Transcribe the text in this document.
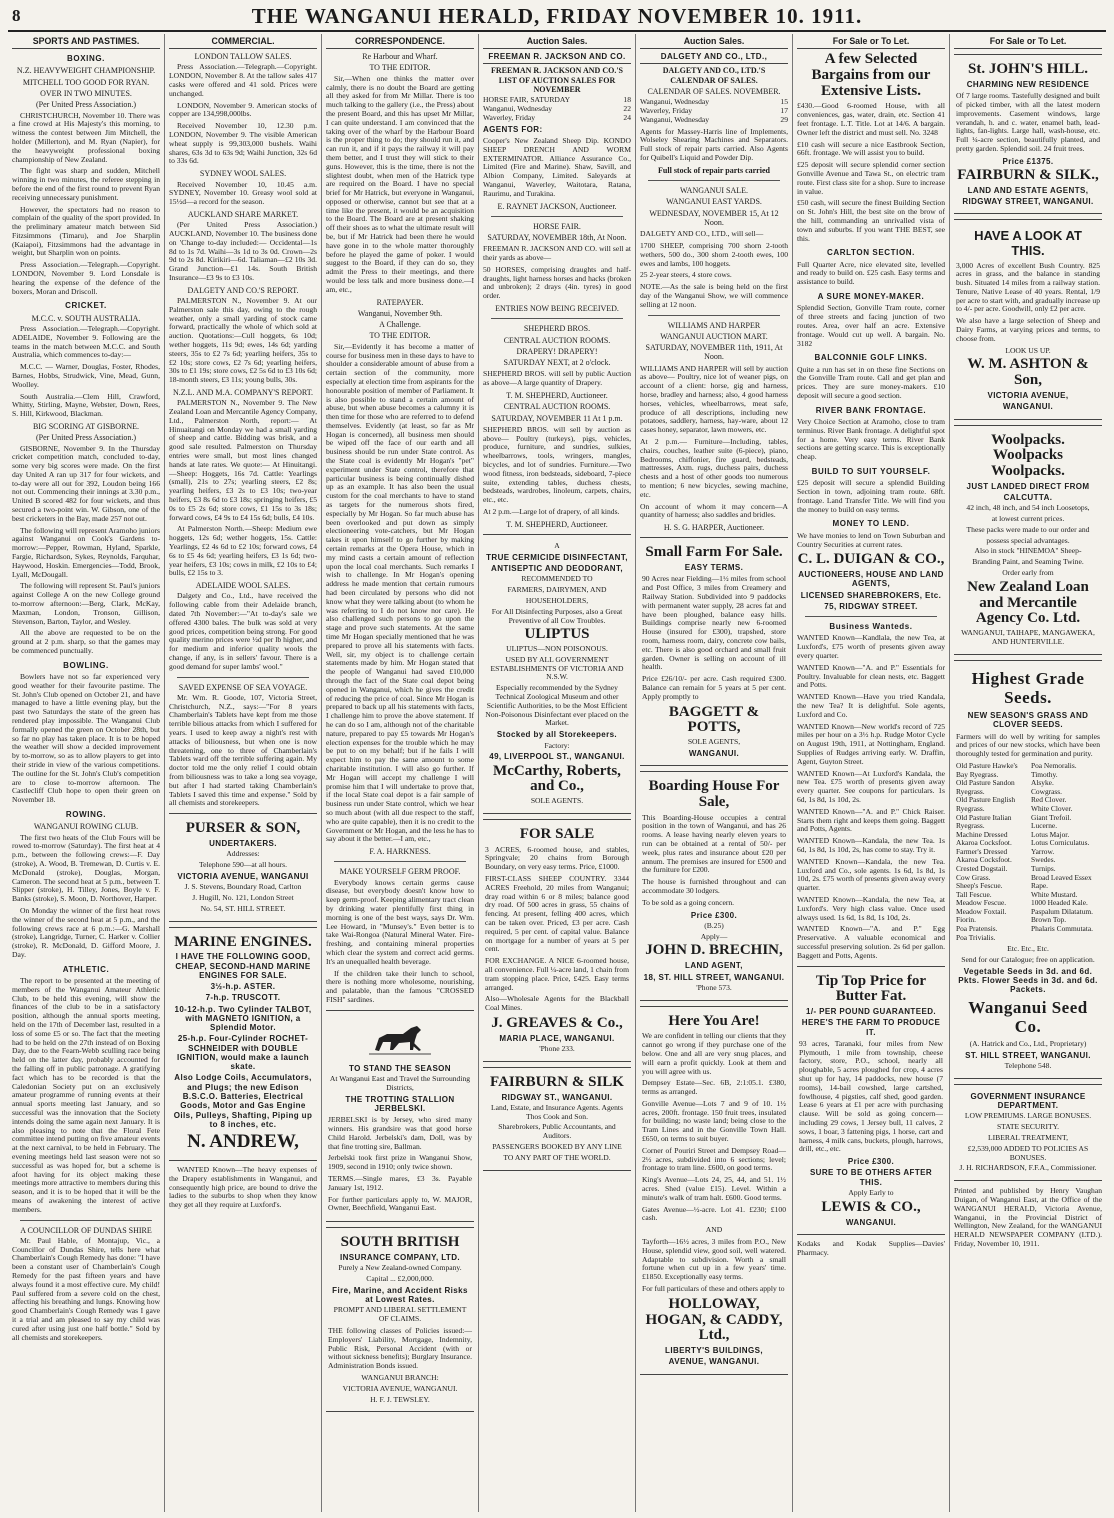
8	THE WANGANUI HERALD, FRIDAY NOVEMBER 10. 1911.
SPORTS AND PASTIMES.
BOXING.
N.Z. HEAVYWEIGHT CHAMPIONSHIP.
MITCHELL TOO GOOD FOR RYAN.
OVER IN TWO MINUTES.
(Per United Press Association.)

CHRISTCHURCH, November 10. There was a fine crowd at His Majesty's this morning, to witness the contest between Jim Mitchell, the holder (Millerton), and M. Ryan (Napier), for the heavyweight professional boxing championship of New Zealand.

The fight was sharp and sudden, Mitchell winning in two minutes, the referee stepping in before the end of the first round to prevent Ryan receiving unnecessary punishment.

However, the spectators had no reason to complain of the quality of the sport provided. In the preliminary amateur match between Sid Fitzsimmons (Timaru), and Joe Sharplin (Kaiapoi), Fitzsimmons had the advantage in weight, but Sharplin won on points.

Press Association.—Telegraph.—Copyright. LONDON, November 9. Lord Lonsdale is hearing the expense of the defence of the boxers, Moran and Driscoll.

CRICKET.
M.C.C. v. SOUTH AUSTRALIA.

Press Association.—Telegraph.—Copyright. ADELAIDE, November 9. Following are the teams in the match between M.C.C. and South Australia, which commences to-day:—

M.C.C. — Warner, Douglas, Foster, Rhodes, Barnes, Hobbs, Strudwick, Vine, Mead, Gunn, Woolley.

South Australia.—Clem Hill, Crawford, Whitty, Stirling, Mayne, Webster, Down, Rees, S. Hill, Kirkwood, Blackman.

BIG SCORING AT GISBORNE.
(Per United Press Association.)

GISBORNE, November 9. In the Thursday cricket competition match, concluded to-day, some very big scores were made. On the first day United A ran up 317 for four wickets, and to-day were all out for 392, Loudon being 166 not out. Commencing their innings at 3.30 p.m., United B scored 482 for four wickets, and thus secured a two-point win. W. Gibson, one of the best cricketers in the Bay, made 257 not out.

The following will represent Aramoho juniors against Wanganui on Cook's Gardens to-morrow:—Pepper, Rowman, Hyland, Sparkle, Fargie, Richardson, Sykes, Reynolds, Farquhar, Haywood, Hoskin. Emergencies—Todd, Brook, Lyall, McDougall.

The following will represent St. Paul's juniors against College A on the new College ground to-morrow afternoon:—Berg, Clark, McKay, Maxman, London, Tronson, Gillison, Stevenson, Barton, Taylor, and Wesley.

All the above are requested to be on the ground at 2 p.m. sharp, so that the games may be commenced punctually.

BOWLING.

Bowlers have not so far experienced very good weather for their favourite pastime. The St. John's Club opened on October 21, and have managed to have a little evening play, but the past two Saturdays the state of the green has rendered play impossible. The Wanganui Club formally opened the green on October 28th, but so far no play has taken place. It is to be hoped the weather will show a decided improvement by to-morrow, so as to allow players to get into their stride in view of the various competitions. The outline for the St. John's Club's competition are to close to-morrow afternoon. The Castlecliff Club hope to open their green on November 18.

ROWING.
WANGANUI ROWING CLUB.

The first two heats of the Club Fours will be rowed to-morrow (Saturday). The first heat at 4 p.m., between the following crews:—F. Day (stroke), A. Wood, B. Tremewan, D. Curtis v. E. McDonald (stroke), Douglas, Morgan, Cameron. The second heat at 5 p.m., between T. Slipper (stroke), H. Tilley, Jones, Boyle v. F. Banks (stroke), S. Moon, D. Northover, Harper.

On Monday the winner of the first heat rows the winner of the second heat at 5 p.m., and the following crews race at 6 p.m.:—G. Marshall (stroke), Langridge, Turner, C. Harker v. Collier (stroke), R. McDonald, D. Gifford Moore, J. Day.

ATHLETIC.

The report to be presented at the meeting of members of the Wanganui Amateur Athletic Club, to be held this evening, will show the finances of the club to be in a satisfactory position, although the annual sports meeting, held on the 17th of December last, resulted in a loss of some £5 or so. The fact that the meeting had to be held on the 27th instead of on Boxing Day, due to the Fearn-Webb sculling race being held on the latter day, probably accounted for the falling off in public patronage. A gratifying fact which has to be recorded is that the Caledonian Society put on an exclusively amateur programme of running events at their annual sports meeting last January, and so successful was the innovation that the Society intends doing the same again next January. It is also pleasing to note that the Floral Fete committee intend putting on five amateur events at the next carnival, to be held in February. The evening meetings held last season were not so successful as was hoped for, but a scheme is afoot having for its object making these meetings more attractive to members during this season, and it is to be hoped that it will be the means of awakening the interest of active members.

A COUNCILLOR OF DUNDAS SHIRE

Mr. Paul Hable, of Montajup, Vic., a Councillor of Dundas Shire, tells here what Chamberlain's Cough Remedy has done: "I have been a constant user of Chamberlain's Cough Remedy for the past fifteen years and have always found it a most effective cure. My child! Paul suffered from a severe cold on the chest, affecting his breathing and lungs. Knowing how good Chamberlain's Cough Remedy was I gave it a trial and am pleased to say my child was cured after using just one half bottle." Sold by all chemists and storekeepers.

COMMERCIAL.
LONDON TALLOW SALES.

Press Association.—Telegraph.—Copyright. LONDON, November 8. At the tallow sales 417 casks were offered and 41 sold. Prices were unchanged.

LONDON, November 9. American stocks of copper are 134,998,000lbs.

Received November 10, 12.30 p.m. LONDON, November 9. The visible American wheat supply is 99,303,000 bushels. Waihi shares, 63s 3d to 63s 9d; Waihi Junction, 32s 6d to 33s 6d.

SYDNEY WOOL SALES.

Received November 10, 10.45 a.m. SYDNEY, November 10. Greasy wool sold at 15½d—a record for the season.

AUCKLAND SHARE MARKET.

(Per United Press Association.) AUCKLAND, November 10. The business done on 'Change to-day included:— Occidental—1s 8d to 1s 7d. Waihi—3s 1d to 3s 0d. Crown—2s 9d to 2s 8d. Kirikiri—6d. Taliaman—£2 10s 3d. Grand Junction—£1 14s. South British Insurance—£3 9s to £3 10s.

DALGETY AND CO.'S REPORT.

PALMERSTON N., November 9. At our Palmerston sale this day, owing to the rough weather, only a small yarding of stock came forward, practically the whole of which sold at auction. Quotations:—Cull hoggets, 6s 10d; wether hoggets, 11s 9d; ewes, 14s 6d; yarding steers, 35s to £2 7s 6d; yearling heifers, 35s to £2 10s; store cows, £2 7s 6d; yearling heifers, 30s to £1 19s; store cows, £2 5s 6d to £3 10s 6d; 18-month steers, £3 11s; young bulls, 30s.

N.Z.L. AND M.A. COMPANY'S REPORT.

PALMERSTON N., November 9. The New Zealand Loan and Mercantile Agency Company, Ltd., Palmerston North, report:— At Hinuaitangi on Monday we had a small yarding of sheep and cattle. Bidding was brisk, and a good sale resulted. Palmerston on Thursday entries were small, but most lines changed hands at late rates. We quote:— At Hinuitangi.—Sheep: Hoggets, 16s 7d. Cattle: Yearlings (small), 21s to 27s; yearling steers, £2 8s; yearling heifers, £3 2s to £3 10s; two-year heifers, £3 8s 6d to £3 18s; springing heifers, £5 0s to £5 2s 6d; store cows, £1 15s to 3s 18s; forward cows, £4 9s to £4 15s 6d; bulls, £4 10s.

At Palmerston North.—Sheep: Medium ewe hoggets, 12s 6d; wether hoggets, 15s. Cattle: Yearlings, £2 4s 6d to £2 10s; forward cows, £4 6s to £5 4s 6d; yearling heifers, £3 1s 6d; two-year heifers, £3 10s; cows in milk, £2 10s to £4; bulls, £2 15s to 3.

ADELAIDE WOOL SALES.

Dalgety and Co., Ltd., have received the following cable from their Adelaide branch, dated 7th November:—"At to-day's sale we offered 4300 bales. The bulk was sold at very good prices, competition being strong. For good quality merino prices were ½d per lb higher, and for medium and inferior quality wools the change, if any, is in sellers' favour. There is a good demand for super lambs' wool."

SAVED EXPENSE OF SEA VOYAGE.

Mr. Wm. R. Goode, 107, Victoria Street, Christchurch, N.Z., says:—"For 8 years Chamberlain's Tablets have kept from me those terrible bilious attacks from which I suffered for years. I used to keep away a night's rest with attacks of biliousness, but when one is now threatening, one to three of Chamberlain's Tablets ward off the terrible suffering again. My doctor told me the only relief I could obtain from biliousness was to take a long sea voyage, but after I had started taking Chamberlain's Tablets I saved this time and expense." Sold by all chemists and storekeepers.

PURSER & SON,
UNDERTAKERS.
Addresses:
Telephone 590—at all hours.
VICTORIA AVENUE, WANGANUI
J. S. Stevens, Boundary Road, Carlton
J. Hugill, No. 121, London Street
No. 54, ST. HILL STREET.
MARINE ENGINES.
I HAVE THE FOLLOWING GOOD, CHEAP, SECOND-HAND MARINE ENGINES FOR SALE.
3½-h.p. ASTER.
7-h.p. TRUSCOTT.
10-12-h.p. Two Cylinder TALBOT, with MAGNETO IGNITION, a Splendid Motor.
25-h.p. Four-Cylinder ROCHET-SCHNEIDER with DOUBLE IGNITION, would make a launch skate.
Also Lodge Coils, Accumulators, and Plugs; the new Edison B.S.C.O. Batteries, Electrical Goods, Motor and Gas Engine Oils, Pulleys, Shafting, Piping up to 8 inches, etc.
N. ANDREW,

WANTED Known—The heavy expenses of the Drapery establishments in Wanganui, and consequently high price, are bound to drive the ladies to the suburbs to shop when they know they get all they require at Luxford's.

CORRESPONDENCE.
Re Harbour and Wharf.
TO THE EDITOR.

Sir,—When one thinks the matter over calmly, there is no doubt the Board are getting all they asked for from Mr Millar. There is too much talking to the gallery (i.e., the Press) about the present Board, and this has upset Mr Millar, I can quite understand. I am convinced that the taking over of the wharf by the Harbour Board is the proper thing to do; they should run it, and can run it, and if it pays the railway it will pay them better, and I trust they will stick to their guns. However, this is the time, there is not the slightest doubt, when men of the Hatrick type are required on the Board. I have no special brief for Mr Hatrick, but everyone in Wanganui, opposed or otherwise, cannot but see that at a time like the present, it would be an acquisition to the Board. The Board are at present shaking off their shoes as to what the ultimate result will be, but if Mr Hatrick had been there he would have gone in to the whole matter thoroughly before he played the game of poker. I would suggest to the Board, if they can do so, they admit the Press to their meetings, and there would be less talk and more business done.—I am, etc.,

RATEPAYER.
Wanganui, November 9th.
A Challenge.
TO THE EDITOR.

Sir,—Evidently it has become a matter of course for business men in these days to have to shoulder a considerable amount of abuse from a certain section of the community, more especially at election time from aspirants for the honourable position of member of Parliament. It is also possible to stand a certain amount of abuse, but when abuse becomes a calumny it is then time for those who are referred to to defend themselves. Evidently (at least, so far as Mr Hogan is concerned), all business men should be wiped off the face of our earth and all business should be run under State control. As the State coal is evidently Mr Hogan's "pet" experiment under State control, therefore that particular business is being continually dished up as an example. It has also been the usual custom for the coal merchants to have to stand as targets for the numerous shots fired, especially by Mr Hogan. So far much abuse has been overlooked and put down as simply electioneering vote-catchers, but Mr Hogan takes it upon himself to go further by making certain remarks at the Opera House, which in my mind casts a certain amount of reflection upon the local coal merchants. Such remarks I wish to challenge. In Mr Hogan's opening address he made mention that certain rumours had been circulated by persons who did not know what they were talking about (to whom he was referring to I do not know nor care). He also challenged such persons to go upon the stage and prove such statements. At the same time Mr Hogan specially mentioned that he was prepared to prove all his statements with facts. Well, sir, my object is to challenge certain statements made by him. Mr Hogan stated that the people of Wanganui had saved £10,000 through the fact of the State coal depot being opened in Wanganui, which he gives the credit of reducing the price of coal. Since Mr Hogan is prepared to back up all his statements with facts, I challenge him to prove the above statement. If he can do so I am, although not of the charitable nature, prepared to pay £5 towards Mr Hogan's election expenses for the trouble which he may be put to on my behalf; but if he fails I will expect him to pay the same amount to some charitable institution. I will also go further. If Mr Hogan will accept my challenge I will promise him that I will undertake to prove that, if the local State coal depot is a fair sample of business run under State control, which we hear so much about (with all due respect to the staff, who are quite capable), then it is no credit to the Government or Mr Hogan, and the less he has to say about it the better.—I am, etc.,

F. A. HARKNESS.
MAKE YOURSELF GERM PROOF.

Everybody knows certain germs cause disease, but everybody doesn't know how to keep germ-proof. Keeping alimentary tract clean by drinking water plentifully first thing in morning is one of the best ways, says Dr. Wm. Lee Howard, in "Munsey's." Even better is to take Wai-Rongoa (Natural Mineral Water. Fire-freshing, and containing mineral properties which clear the system and correct acid germs. It's an unequalled health beverage.

If the children take their lunch to school, there is nothing more wholesome, nourishing, and palatable, than the famous "CROSSED FISH" sardines.

TO STAND THE SEASON
At Wanganui East and Travel the Surrounding Districts,
THE TROTTING STALLION JERBELSKI.

JERBELSKI is by Jersey, who sired many winners. His grandsire was that good horse Child Harold. Jerbelski's dam, Doll, was by that fine trotting sire, Ballman.

Jerbelski took first prize in Wanganui Show, 1909, second in 1910; only twice shown.

TERMS.—Single mares, £3 3s. Payable January 1st, 1912.

For further particulars apply to, W. MAJOR, Owner, Beechfield, Wanganui East.

SOUTH BRITISH
INSURANCE COMPANY, LTD.
Purely a New Zealand-owned Company.
Capital ... £2,000,000.
Fire, Marine, and Accident Risks at Lowest Rates.
PROMPT AND LIBERAL SETTLEMENT OF CLAIMS.

THE following classes of Policies issued:—Employers' Liability, Mortgage, Indemnity, Public Risk, Personal Accident (with or without sickness benefits); Burglary Insurance. Administration Bonds issued.

WANGANUI BRANCH:
VICTORIA AVENUE, WANGANUI.
H. F. J. TEWSLEY.
Auction Sales.
FREEMAN R. JACKSON AND CO.
FREEMAN R. JACKSON AND CO.'S LIST OF AUCTION SALES FOR NOVEMBER
HORSE FAIR, SATURDAY	18
Wanganui, Wednesday	22
Waverley, Friday	24
AGENTS FOR:

Cooper's New Zealand Sheep Dip. KONDO SHEEP DRENCH AND WORM EXTERMINATOR. Alliance Assurance Co., Limited (Fire and Marine). Shaw, Savill, and Albion Company, Limited. Saleyards at Wanganui, Waverley, Waitotara, Ratana, Raurimu, and Turakina.

E. RAYNET JACKSON, Auctioneer.
HORSE FAIR.
SATURDAY, NOVEMBER 18th, At Noon.

FREEMAN R. JACKSON AND CO. will sell at their yards as above—

50 HORSES, comprising draughts and half-draughts, light harness horses and hacks (broken and unbroken); 2 drays (4in. tyres) in good order.

ENTRIES NOW BEING RECEIVED.
SHEPHERD BROS.
CENTRAL AUCTION ROOMS.
DRAPERY! DRAPERY!
SATURDAY NEXT, at 2 o'clock.

SHEPHERD BROS. will sell by public Auction as above—A large quantity of Drapery.

T. M. SHEPHERD, Auctioneer.
CENTRAL AUCTION ROOMS.
SATURDAY, NOVEMBER 11 At 1 p.m.

SHEPHERD BROS. will sell by auction as above— Poultry (turkeys), pigs, vehicles, produce, furniture, and sundries, sulkies, wheelbarrows, tools, wringers, mangles, bicycles, and lot of sundries. Furniture.—Two wood fitness, iron bedsteads, sideboard, 7-piece suite, extending tables, duchess chests, bedsteads, wardrobes, linoleum, carpets, chairs, etc., etc.

At 2 p.m.—Large lot of drapery, of all kinds.

T. M. SHEPHERD, Auctioneer.
A
TRUE CERMICIDE DISINFECTANT,
ANTISEPTIC AND DEODORANT,
RECOMMENDED TO
FARMERS, DAIRYMEN, AND
HOUSEHOLDERS,
For All Disinfecting Purposes, also a Great Preventive of all Cow Troubles.
ULIPTUS
ULIPTUS—NON POISONOUS.
USED BY ALL GOVERNMENT ESTABLISHMENTS OF VICTORIA AND N.S.W.
Especially recommended by the Sydney Technical Zoological Museum and other Scientific Authorities, to be the Most Efficient Non-Poisonous Disinfectant ever placed on the Market.
Stocked by all Storekeepers.
Factory:
49, LIVERPOOL ST., WANGANUI.
McCarthy, Roberts, and Co.,
SOLE AGENTS.
FOR SALE

3 ACRES, 6-roomed house, and stables, Springvale; 20 chains from Borough Boundary, on very easy terms. Price, £1000.

FIRST-CLASS SHEEP COUNTRY. 3344 ACRES Freehold, 20 miles from Wanganui; dray road within 6 or 8 miles; balance good dry road. Of 500 acres in grass, 55 chains of fencing. At present, felling 400 acres, which can be taken over. Priced, £3 per acre. Cash required, 5 per cent. of capital value. Balance on mortgage for a number of years at 5 per cent.

FOR EXCHANGE. A NICE 6-roomed house, all convenience. Full ¼-acre land, 1 chain from tram stopping place. Price, £425. Easy terms arranged.

Also—Wholesale Agents for the Blackball Coal Mines.

J. GREAVES & Co.,
MARIA PLACE, WANGANUI.
'Phone 233.
FAIRBURN & SILK
RIDGWAY ST., WANGANUI.
Land, Estate, and Insurance Agents. Agents Thos Cook and Son.
Sharebrokers, Public Accountants, and Auditors.
PASSENGERS BOOKED BY ANY LINE
TO ANY PART OF THE WORLD.
Auction Sales.
DALGETY AND CO., LTD.,
DALGETY AND CO., LTD.'S CALENDAR OF SALES.
CALENDAR OF SALES. NOVEMBER.
Wanganui, Wednesday	15
Waverley, Friday	17
Wanganui, Wednesday	29

Agents for Massey-Harris line of Implements, Wolseley Shearing Machines and Separators. Full stock of repair parts carried. Also Agents for Quibell's Liquid and Powder Dip.

Full stock of repair parts carried
WANGANUI SALE.
WANGANUI EAST YARDS.
WEDNESDAY, NOVEMBER 15, At 12 Noon.

DALGETY AND CO., LTD., will sell—

1700 SHEEP, comprising 700 shorn 2-tooth wethers, 500 do., 300 shorn 2-tooth ewes, 100 ewes and lambs, 100 hoggets.

25 2-year steers, 4 store cows.

NOTE.—As the sale is being held on the first day of the Wanganui Show, we will commence selling at 12 noon.

WILLIAMS AND HARPER
WANGANUI AUCTION MART.
SATURDAY, NOVEMBER 11th, 1911, At Noon.

WILLIAMS AND HARPER will sell by auction as above— Poultry, nice lot of weaner pigs, on account of a client: horse, gig and harness, horse, bradley and harness; also, 4 good harness horses, vehicles, wheelbarrows, meat safe, produce of all descriptions, including new potatoes, saddlery, harness, hay-ware, about 12 cases honey, separator, lawn mowers, etc.

At 2 p.m.— Furniture—Including, tables, chairs, couches, leather suite (6-piece), piano, Bedrooms, chiffonier, fire guard, bedsteads, mattresses, Axm. rugs, duchess pairs, duchess chests and a host of other goods too numerous to mention; 6 new bicycles, sewing machine, etc.

On account of whom it may concern—A quantity of harness; also saddles and bridles.

H. S. G. HARPER, Auctioneer.
Small Farm For Sale.
EASY TERMS.

90 Acres near Fielding—1½ miles from school and Post Office, 3 miles from Creamery and Railway Station. Subdivided into 9 paddocks with permanent water supply, 28 acres fat and have been ploughed, balance easy hills. Buildings comprise nearly new 6-roomed House (insured for £300), trapshed, store room, harness room, dairy, concrete cow bails, etc. There is also good orchard and small fruit garden. Owner is selling on account of ill health.

Price £26/10/- per acre. Cash required £300. Balance can remain for 5 years at 5 per cent. Apply promptly to

BAGGETT & POTTS,
SOLE AGENTS,
WANGANUI.
Boarding House For Sale,

This Boarding-House occupies a central position in the town of Wanganui, and has 26 rooms. A lease having nearly eleven years to run can be obtained at a rental of 50/- per week, plus rates and insurance about £20 per annum. The premises are insured for £500 and the furniture for £200.

The house is furnished throughout and can accommodate 30 lodgers.

To be sold as a going concern.

Price £300.
(B.25)
Apply—
JOHN D. BRECHIN,
LAND AGENT,
18, ST. HILL STREET, WANGANUI.
'Phone 573.
Here You Are!

We are confident in telling our clients that they cannot go wrong if they purchase one of the below. One and all are very snug places, and will earn a profit quickly. Look at them and you will agree with us.

Dempsey Estate—Sec. 6B, 2:1:05.1. £380, terms as arranged.

Gonville Avenue—Lots 7 and 9 of 10. 1½ acres, 200ft. frontage. 150 fruit trees, insulated for building; no waste land; being close to the Tram Lines and in the Gonville Town Hall. £650, on terms to suit buyer.

Corner of Pouriri Street and Dempsey Road—2½ acres, subdivided into 6 sections; level; frontage to tram line. £600, on good terms.

King's Avenue—Lots 24, 25, 44, and 51. 1½ acres. Shed (value £15). Level. Within a minute's walk of tram halt. £600. Good terms.

Gates Avenue—½-acre. Lot 41. £230; £100 cash.

AND

Tayforth—16½ acres, 3 miles from P.O., New House, splendid view, good soil, well watered. Adaptable to subdivision. Worth a small fortune when cut up in a few years' time. £1850. Exceptionally easy terms.

For full particulars of these and others apply to

HOLLOWAY, HOGAN, & CADDY, Ltd.,
LIBERTY'S BUILDINGS,
AVENUE, WANGANUI.
For Sale or To Let.
A few Selected Bargains from our Extensive Lists.

£430.—Good 6-roomed House, with all conveniences, gas, water, drain, etc. Section 41 feet frontage. L.T. Title. Lot at 14/6. A bargain. Owner left the district and must sell. No. 3248

£10 cash will secure a nice Eastbrook Section, 66ft. frontage. We will assist you to build.

£25 deposit will secure splendid corner section Gonville Avenue and Tawa St., on electric tram route. First class site for a shop. Sure to increase in value.

£50 cash, will secure the finest Building Section on St. John's Hill, the best site on the brow of the hill, commanding an unrivalled vista of town and suburbs. If you want THE BEST, see this.

CARLTON SECTION.

Full Quarter Acre, nice elevated site, levelled and ready to build on. £25 cash. Easy terms and assistance to build.

A SURE MONEY-MAKER.

Splendid Section, Gonville Tram route, corner of three streets and facing junction of two routes. Area, over half an acre. Extensive frontage. Would cut up well. A bargain. No. 3182

BALCONNIE GOLF LINKS.

Quite a run has set in on these fine Sections on the Gonville Tram route. Call and get plan and prices. They are sure money-makers. £10 deposit will secure a good section.

RIVER BANK FRONTAGE.

Very Choice Section at Aramoho, close to tram terminus. River Bank frontage. A delightful spot for a home. Very easy terms. River Bank sections are getting scarce. This is exceptionally cheap.

BUILD TO SUIT YOURSELF.

£25 deposit will secure a splendid Building Section in town, adjoining tram route. 68ft. frontage. Land Transfer Title. We will find you the money to build on easy terms.

MONEY TO LEND.

We have monies to lend on Town Suburban and Country Securities at current rates.

C. L. DUIGAN & CO.,
AUCTIONEERS, HOUSE AND LAND AGENTS,
LICENSED SHAREBROKERS, Etc.
75, RIDGWAY STREET.
Business Wanteds.

WANTED Known—Kandlala, the new Tea, at Luxford's, £75 worth of presents given away every quarter.

WANTED Known—"A. and P." Essentials for Poultry. Invaluable for clean nests, etc. Baggett and Potts.

WANTED Known—Have you tried Kandala, the new Tea? It is delightful. Sole agents, Luxford and Co.

WANTED Known—New world's record of 725 miles per hour on a 3½ h.p. Rudge Motor Cycle on August 19th, 1911, at Nottingham, England. Supplies of Rudges arriving early. W. Draffin, Agent, Guyton Street.

WANTED Known—At Luxford's Kandala, the new Tea. £75 worth of presents given away every quarter. See coupons for particulars. 1s 6d, 1s 8d, 1s 10d, 2s.

WANTED Known—"A. and P." Chick Raiser. Starts them right and keeps them going. Baggett and Potts, Agents.

WANTED Known—Kandala, the new Tea. 1s 6d, 1s 8d, 1s 10d, 2s, has come to stay. Try it.

WANTED Known—Kandala, the new Tea. Luxford and Co., sole agents. 1s 6d, 1s 8d, 1s 10d, 2s. £75 worth of presents given away every quarter.

WANTED Known—Kandala, the new Tea, at Luxford's. Very high class value. Once used always used. 1s 6d, 1s 8d, 1s 10d, 2s.

WANTED Known—"A. and P." Egg Preservative. A valuable economical and successful preserving solution. 2s 6d per gallon. Baggett and Potts, Agents.

Tip Top Price for Butter Fat.
1/- PER POUND GUARANTEED.
HERE'S THE FARM TO PRODUCE IT.

93 acres, Taranaki, four miles from New Plymouth, 1 mile from township, cheese factory, store, P.O., school, nearly all ploughable, 5 acres ploughed for crop, 4 acres shut up for hay, 14 paddocks, new house (7 rooms), 14-bail cowshed, large cartshed, fowlhouse, 4 pigsties, calf shed, good garden. Lease 6 years at £1 per acre with purchasing clause. Will be sold as going concern—including 29 cows, 1 Jersey bull, 11 calves, 2 sows, 1 boar, 3 fattening pigs, 1 horse, cart and harness, 4 milk cans, buckets, plough, harrows, drill, etc., etc.

Price £300.
SURE TO BE OTHERS AFTER THIS.
Apply Early to
LEWIS & CO.,
WANGANUI.
Kodaks and Kodak Supplies—Davies' Pharmacy.
For Sale or To Let.
St. JOHN'S HILL.
CHARMING NEW RESIDENCE

Of 7 large rooms. Tastefully designed and built of picked timber, with all the latest modern improvements. Casement windows, large verandah, h. and c. water, enamel bath, lead-lights, fan-lights. Large hall, wash-house, etc. Full ¼-acre section, beautifully planted, and pretty garden. Splendid soil. 24 fruit trees.

Price £1375.
FAIRBURN & SILK.,
LAND AND ESTATE AGENTS,
RIDGWAY STREET, WANGANUI.
HAVE A LOOK AT THIS.

3,000 Acres of excellent Bush Country. 825 acres in grass, and the balance in standing bush. Situated 14 miles from a railway station. Tenure, Native Lease of 40 years. Rental, 1/9 per acre to start with, and gradually increase up to 4/- per acre. Goodwill, only £2 per acre.

We also have a large selection of Sheep and Dairy Farms, at varying prices and terms, to choose from.

LOOK US UP.
W. M. ASHTON & Son,
VICTORIA AVENUE,
WANGANUI.
Woolpacks. Woolpacks Woolpacks.
JUST LANDED DIRECT FROM
CALCUTTA.
42 inch, 48 inch, and 54 inch Loosetops,
at lowest current prices.
These packs were made to our order and
possess special advantages.
Also in stock "HINEMOA" Sheep-
Branding Paint, and Seaming Twine.
Order early from
New Zealand Loan and Mercantile Agency Co. Ltd.
WANGANUI, TAIHAPE, MANGAWEKA, AND HUNTERVILLE.
Highest Grade Seeds.
NEW SEASON'S GRASS AND CLOVER SEEDS.

Farmers will do well by writing for samples and prices of our new stocks, which have been thoroughly tested for germination and purity.

Old Pasture Hawke's Bay Ryegrass.
Old Pasture Sandon Ryegrass.
Old Pasture English Ryegrass.
Old Pasture Italian Ryegrass.
Machine Dressed Akaroa Cocksfoot.
Farmer's Dressed Akaroa Cocksfoot.
Crested Dogstail.
Cow Grass.
Sheep's Fescue.
Tall Fescue.
Meadow Fescue.
Meadow Foxtail.
Fiorin.
Poa Pratensis.
Poa Trivialis.
Poa Nemoralis.
Timothy.
Alsyke.
Cowgrass.
Red Clover.
White Clover.
Giant Trefoil.
Lucerne.
Lotus Major.
Lotus Corniculatus.
Yarrow.
Swedes.
Turnips.
Broad Leaved Essex Rape.
White Mustard.
1000 Headed Kale.
Paspalum Dilatatum.
Brown Top.
Phalaris Commutata.
Etc. Etc., Etc.
Send for our Catalogue; free on application.
Vegetable Seeds in 3d. and 6d. Pkts. Flower Seeds in 3d. and 6d. Packets.
Wanganui Seed Co.
(A. Hatrick and Co., Ltd., Proprietary)
ST. HILL STREET, WANGANUI.
Telephone 548.
GOVERNMENT INSURANCE DEPARTMENT.
LOW PREMIUMS. LARGE BONUSES.
STATE SECURITY.
LIBERAL TREATMENT,
£2,539,000 ADDED TO POLICIES AS BONUSES.
J. H. RICHARDSON, F.F.A., Commissioner.

Printed and published by Henry Vaughan Duigan, of Wanganui East, at the Office of the WANGANUI HERALD, Victoria Avenue, Wanganui, in the Provincial District of Wellington, New Zealand, for the WANGANUI HERALD NEWSPAPER COMPANY (LTD.). Friday, November 10, 1911.
